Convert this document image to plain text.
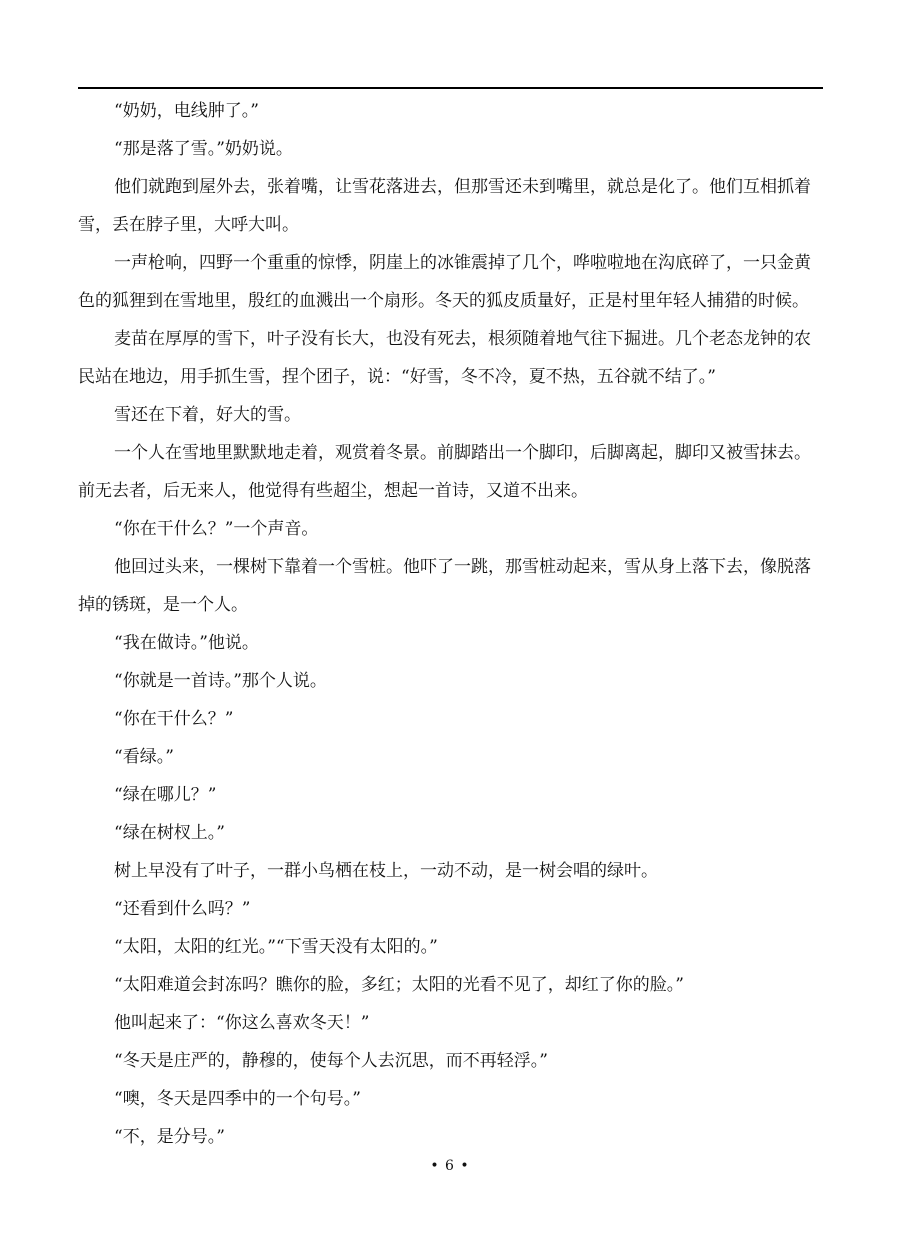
“奶奶，电线肿了。”
“那是落了雪。”奶奶说。
他们就跑到屋外去，张着嘴，让雪花落进去，但那雪还未到嘴里，就总是化了。他们互相抓着
雪，丢在脖子里，大呼大叫。
一声枪响，四野一个重重的惊悸，阴崖上的冰锥震掉了几个，哗啦啦地在沟底碎了，一只金黄
色的狐狸到在雪地里，殷红的血溅出一个扇形。冬天的狐皮质量好，正是村里年轻人捕猎的时候。
麦苗在厚厚的雪下，叶子没有长大，也没有死去，根须随着地气往下掘进。几个老态龙钟的农
民站在地边，用手抓生雪，捏个团子，说：“好雪，冬不冷，夏不热，五谷就不结了。”
雪还在下着，好大的雪。
一个人在雪地里默默地走着，观赏着冬景。前脚踏出一个脚印，后脚离起，脚印又被雪抹去。
前无去者，后无来人，他觉得有些超尘，想起一首诗，又道不出来。
“你在干什么？”一个声音。
他回过头来，一棵树下靠着一个雪桩。他吓了一跳，那雪桩动起来，雪从身上落下去，像脱落
掉的锈斑，是一个人。
“我在做诗。”他说。
“你就是一首诗。”那个人说。
“你在干什么？”
“看绿。”
“绿在哪儿？”
“绿在树杈上。”
树上早没有了叶子，一群小鸟栖在枝上，一动不动，是一树会唱的绿叶。
“还看到什么吗？”
“太阳，太阳的红光。”“下雪天没有太阳的。”
“太阳难道会封冻吗？瞧你的脸，多红；太阳的光看不见了，却红了你的脸。”
他叫起来了：“你这么喜欢冬天！”
“冬天是庄严的，静穆的，使每个人去沉思，而不再轻浮。”
“噢，冬天是四季中的一个句号。”
“不，是分号。”
• 6 •
